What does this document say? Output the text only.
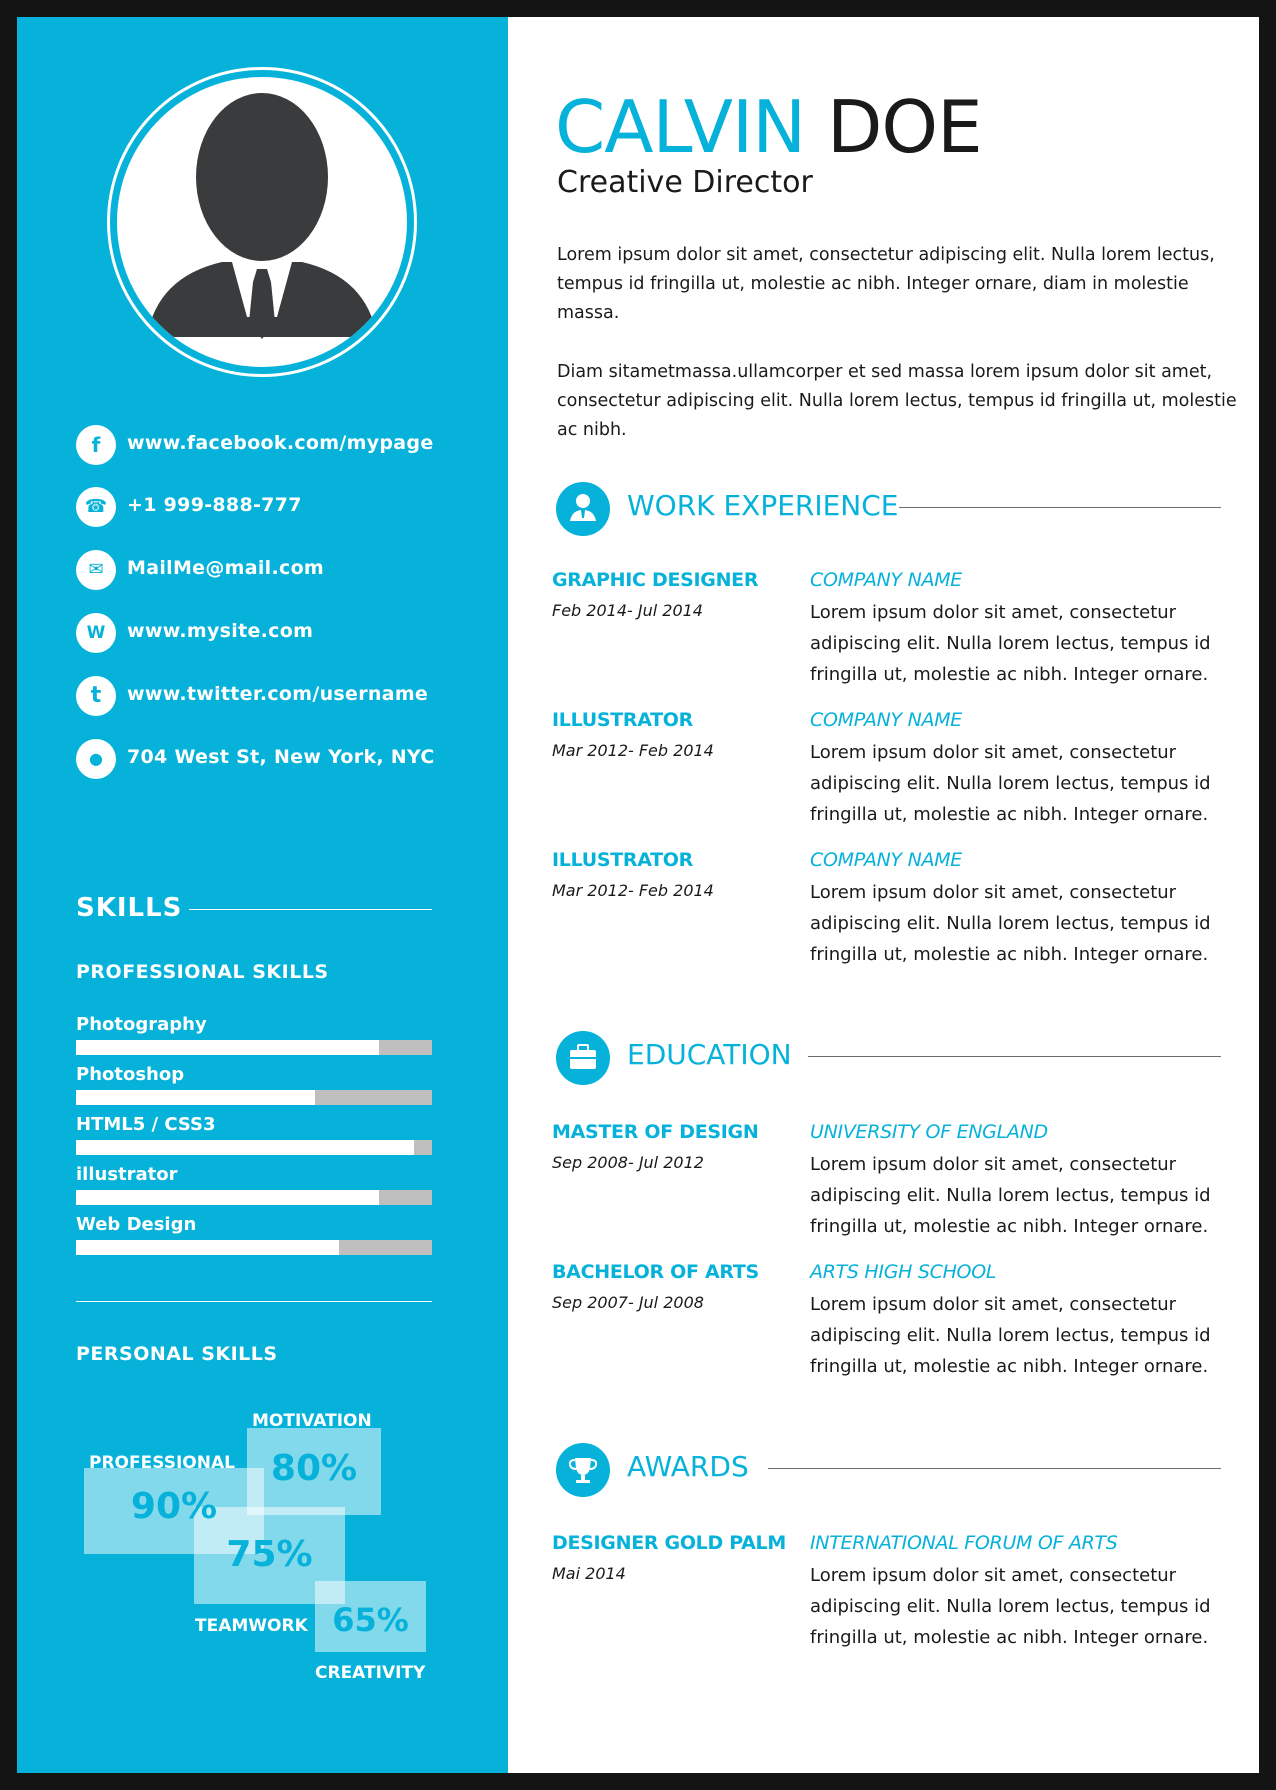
f	www.facebook.com/mypage
☎	+1 999-888-777
✉	MailMe@mail.com
W	www.mysite.com
t	www.twitter.com/username
●	704 West St, New York, NYC
SKILLS
PROFESSIONAL SKILLS
Photography
Photoshop
HTML5 / CSS3
illustrator
Web Design
PERSONAL SKILLS
PROFESSIONAL
MOTIVATION
TEAMWORK
CREATIVITY
90%
80%
75%
65%
CALVIN DOE
Creative Director
Lorem ipsum dolor sit amet, consectetur adipiscing elit. Nulla lorem lectus, tempus id fringilla ut, molestie ac nibh. Integer ornare, diam in molestie massa.
Diam sitametmassa.ullamcorper et sed massa lorem ipsum dolor sit amet, consectetur adipiscing elit. Nulla lorem lectus, tempus id fringilla ut, molestie ac nibh.
WORK EXPERIENCE
GRAPHIC DESIGNER
Feb 2014- Jul 2014
COMPANY NAME
Lorem ipsum dolor sit amet, consectetur adipiscing elit. Nulla lorem lectus, tempus id fringilla ut, molestie ac nibh. Integer ornare.
ILLUSTRATOR
Mar 2012- Feb 2014
COMPANY NAME
Lorem ipsum dolor sit amet, consectetur adipiscing elit. Nulla lorem lectus, tempus id fringilla ut, molestie ac nibh. Integer ornare.
ILLUSTRATOR
Mar 2012- Feb 2014
COMPANY NAME
Lorem ipsum dolor sit amet, consectetur adipiscing elit. Nulla lorem lectus, tempus id fringilla ut, molestie ac nibh. Integer ornare.
EDUCATION
MASTER OF DESIGN
Sep 2008- Jul 2012
UNIVERSITY OF ENGLAND
Lorem ipsum dolor sit amet, consectetur adipiscing elit. Nulla lorem lectus, tempus id fringilla ut, molestie ac nibh. Integer ornare.
BACHELOR OF ARTS
Sep 2007- Jul 2008
ARTS HIGH SCHOOL
Lorem ipsum dolor sit amet, consectetur adipiscing elit. Nulla lorem lectus, tempus id fringilla ut, molestie ac nibh. Integer ornare.
AWARDS
DESIGNER GOLD PALM
Mai 2014
INTERNATIONAL FORUM OF ARTS
Lorem ipsum dolor sit amet, consectetur adipiscing elit. Nulla lorem lectus, tempus id fringilla ut, molestie ac nibh. Integer ornare.
